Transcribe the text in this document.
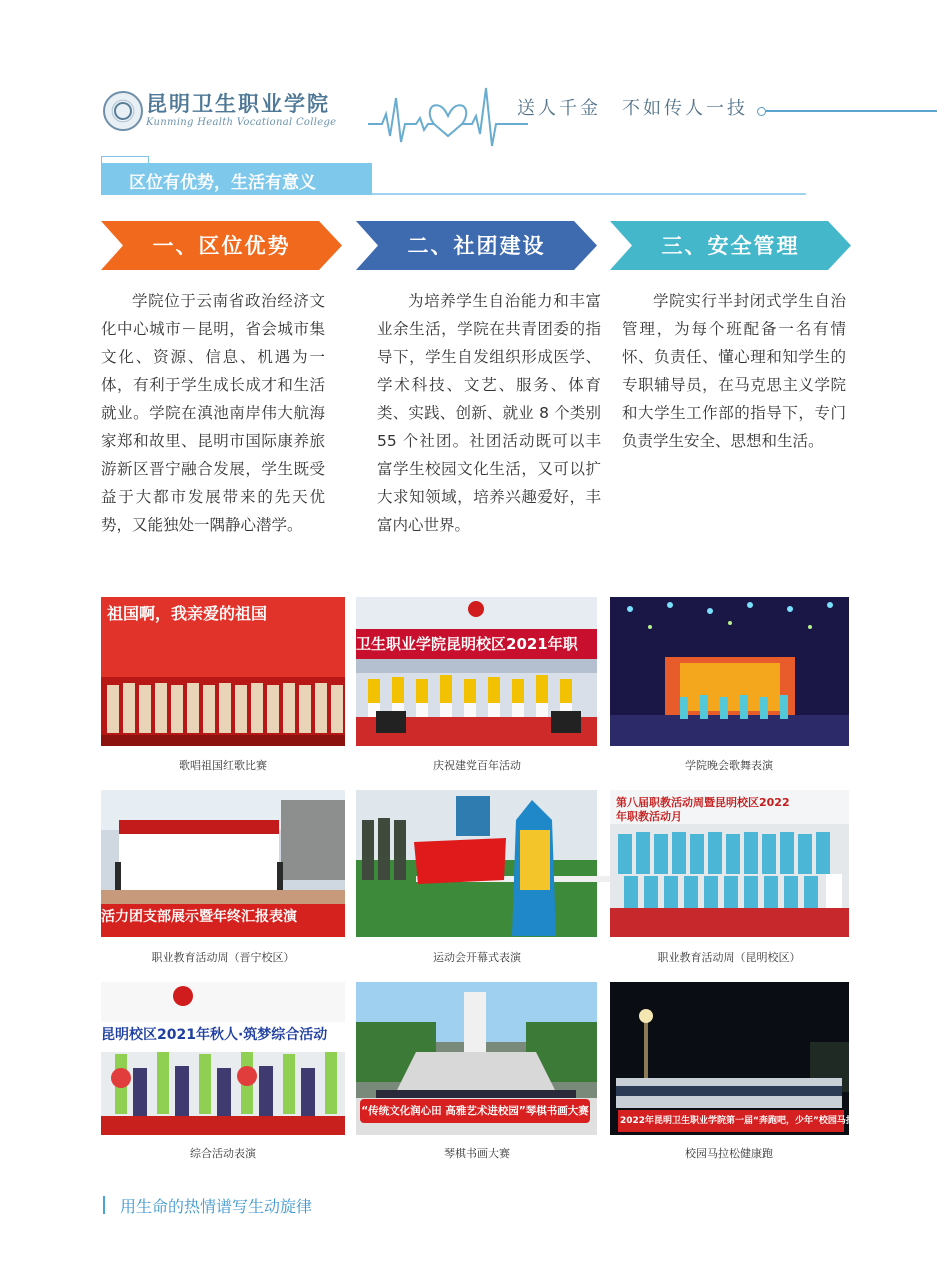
昆明卫生职业学院
Kunming Health Vocational College
送人千金　不如传人一技
区位有优势，生活有意义
一、区位优势	二、社团建设	三、安全管理

学院位于云南省政治经济文化中心城市－昆明，省会城市集文化、资源、信息、机遇为一体，有利于学生成长成才和生活就业。学院在滇池南岸伟大航海家郑和故里、昆明市国际康养旅游新区晋宁融合发展，学生既受益于大都市发展带来的先天优势，又能独处一隅静心潜学。

为培养学生自治能力和丰富业余生活，学院在共青团委的指导下，学生自发组织形成医学、学术科技、文艺、服务、体育类、实践、创新、就业 8 个类别 55 个社团。社团活动既可以丰富学生校园文化生活，又可以扩大求知领域，培养兴趣爱好，丰富内心世界。

学院实行半封闭式学生自治管理，为每个班配备一名有情怀、负责任、懂心理和知学生的专职辅导员，在马克思主义学院和大学生工作部的指导下，专门负责学生安全、思想和生活。

祖国啊，我亲爱的祖国
歌唱祖国红歌比赛
卫生职业学院昆明校区2021年职
庆祝建党百年活动	学院晚会歌舞表演
活力团支部展示暨年终汇报表演
职业教育活动周（晋宁校区）	运动会开幕式表演
第八届职教活动周暨昆明校区2022年职教活动月
职业教育活动周（昆明校区）
昆明校区2021年秋人·筑梦综合活动
综合活动表演
“传统文化润心田 高雅艺术进校园”琴棋书画大赛
琴棋书画大赛
2022年昆明卫生职业学院第一届“奔跑吧，少年”校园马拉松健康跑
校园马拉松健康跑
用生命的热情谱写生动旋律
